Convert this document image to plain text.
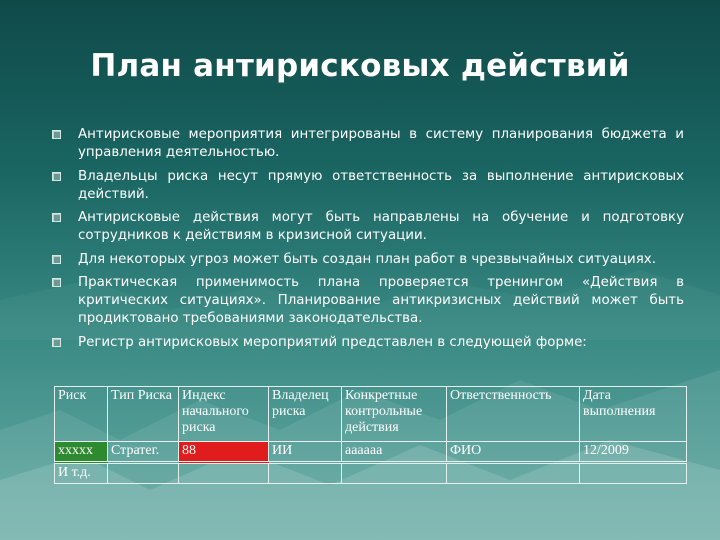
План антирисковых действий
Антирисковые мероприятия интегрированы в систему планирования бюджета и управления деятельностью.
Владельцы риска несут прямую ответственность за выполнение антирисковых действий.
Антирисковые действия могут быть направлены на обучение и подготовку сотрудников к действиям в кризисной ситуации.
Для некоторых угроз может быть создан план работ в чрезвычайных ситуациях.
Практическая применимость плана проверяется тренингом «Действия в критических ситуациях». Планирование антикризисных действий может быть продиктовано требованиями законодательства.
Регистр антирисковых мероприятий представлен в следующей форме:
Риск	Тип Риска	Индекс начального риска	Владелец риска	Конкретные контрольные действия	Ответственность	Дата выполнения
ххххх	Стратег.	88	ИИ	аааааа	ФИО	12/2009
И т.д.						
